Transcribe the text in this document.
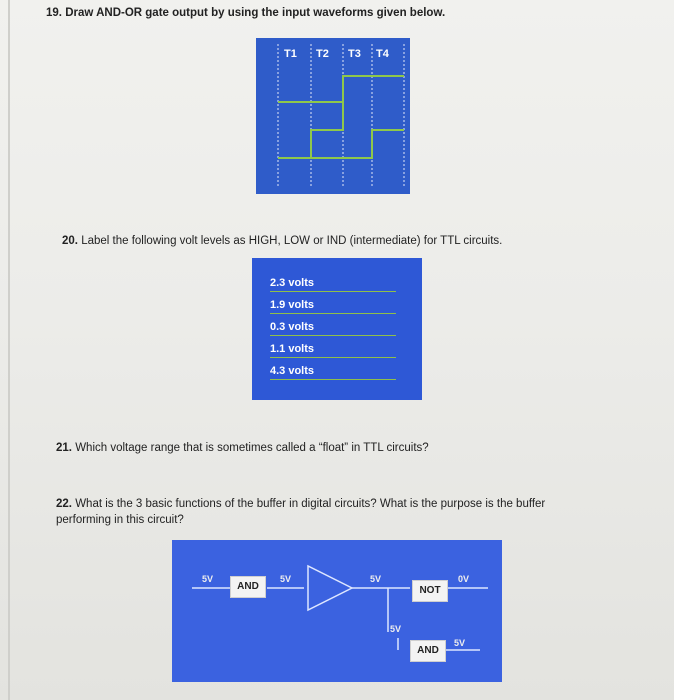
19. Draw AND-OR gate output by using the input waveforms given below.
T1 T2 T3 T4
20. Label the following volt levels as HIGH, LOW or IND (intermediate) for TTL circuits.
2.3 volts
1.9 volts
0.3 volts
1.1 volts
4.3 volts
21. Which voltage range that is sometimes called a “float” in TTL circuits?
22. What is the 3 basic functions of the buffer in digital circuits? What is the purpose is the buffer
performing in this circuit?
5V
AND
5V	5V
NOT
0V
5V
AND
5V
